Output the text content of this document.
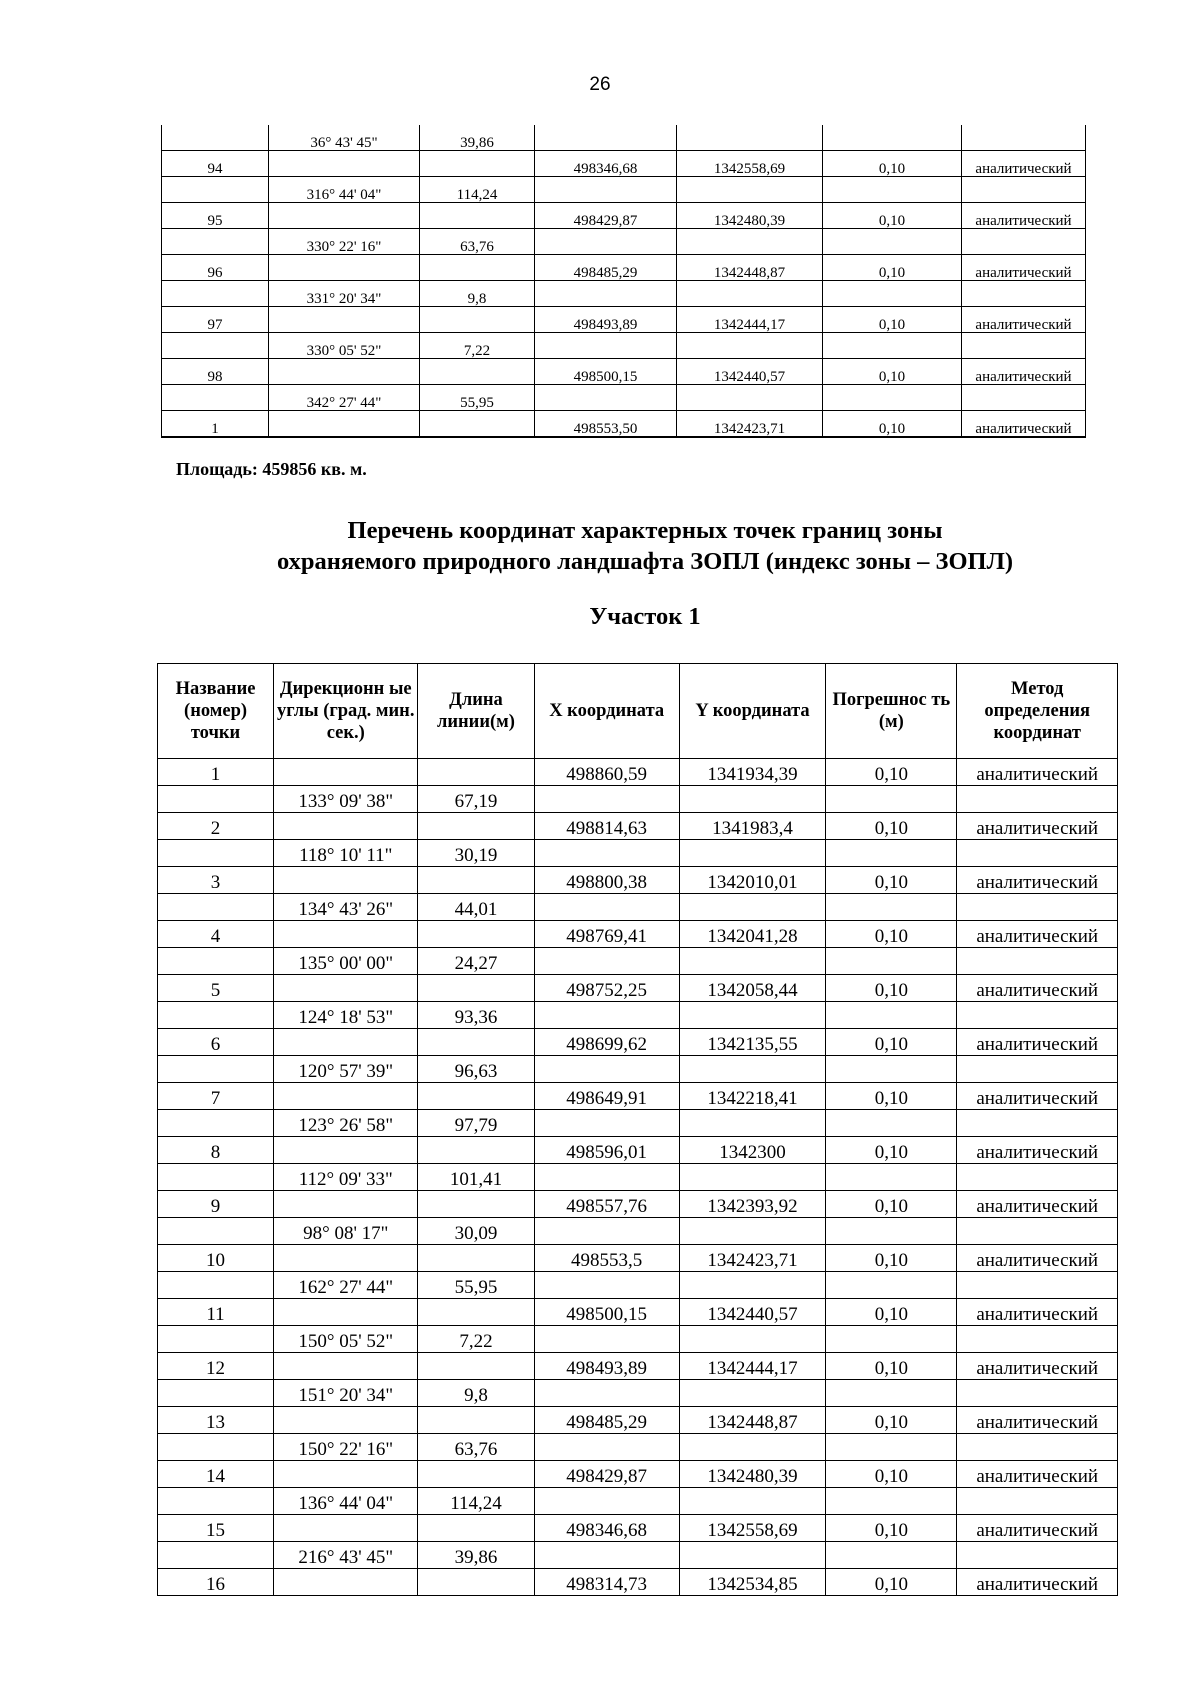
26
	36° 43' 45"	39,86				
94			498346,68	1342558,69	0,10	аналитический
	316° 44' 04"	114,24				
95			498429,87	1342480,39	0,10	аналитический
	330° 22' 16"	63,76				
96			498485,29	1342448,87	0,10	аналитический
	331° 20' 34"	9,8				
97			498493,89	1342444,17	0,10	аналитический
	330° 05' 52"	7,22				
98			498500,15	1342440,57	0,10	аналитический
	342° 27' 44"	55,95				
1			498553,50	1342423,71	0,10	аналитический
Площадь: 459856 кв. м.
Перечень координат характерных точек границ зоны
охраняемого природного ландшафта ЗОПЛ (индекс зоны – ЗОПЛ)
Участок 1
Название (номер) точки	Дирекционн ые углы (град. мин. сек.)	Длина линии(м)	X координата	Y координата	Погрешнос ть (м)	Метод определения координат
1			498860,59	1341934,39	0,10	аналитический
	133° 09' 38"	67,19				
2			498814,63	1341983,4	0,10	аналитический
	118° 10' 11"	30,19				
3			498800,38	1342010,01	0,10	аналитический
	134° 43' 26"	44,01				
4			498769,41	1342041,28	0,10	аналитический
	135° 00' 00"	24,27				
5			498752,25	1342058,44	0,10	аналитический
	124° 18' 53"	93,36				
6			498699,62	1342135,55	0,10	аналитический
	120° 57' 39"	96,63				
7			498649,91	1342218,41	0,10	аналитический
	123° 26' 58"	97,79				
8			498596,01	1342300	0,10	аналитический
	112° 09' 33"	101,41				
9			498557,76	1342393,92	0,10	аналитический
	98° 08' 17"	30,09				
10			498553,5	1342423,71	0,10	аналитический
	162° 27' 44"	55,95				
11			498500,15	1342440,57	0,10	аналитический
	150° 05' 52"	7,22				
12			498493,89	1342444,17	0,10	аналитический
	151° 20' 34"	9,8				
13			498485,29	1342448,87	0,10	аналитический
	150° 22' 16"	63,76				
14			498429,87	1342480,39	0,10	аналитический
	136° 44' 04"	114,24				
15			498346,68	1342558,69	0,10	аналитический
	216° 43' 45"	39,86				
16			498314,73	1342534,85	0,10	аналитический
